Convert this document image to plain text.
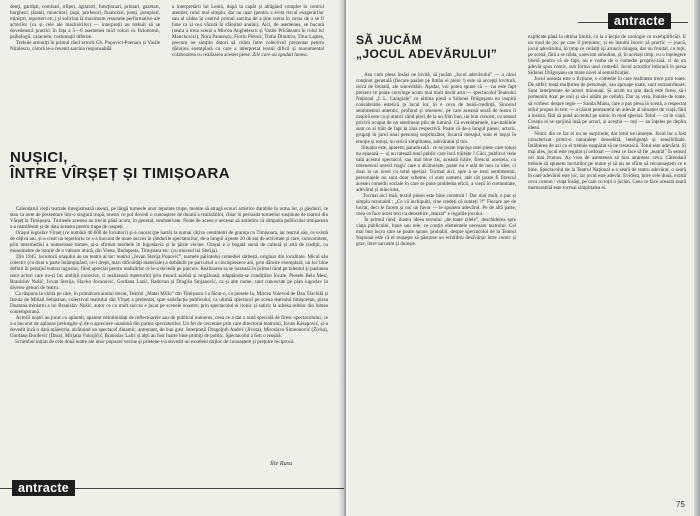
denți, gardiști, comisari, ofițeri, agitatori, funcționari, primari, gazetari, burghezi, țăranii, muncitori, popi, profesori, financiari, poeți, pompieri, miniștri, reporteri etc.) și solicitat la maximum resursele performative ale actorilor (ca și cele ale machiorilor) — interpreții au trebuit să se dovedească practici în fața a 5—6 asemenea mici roluri cu fizionomii, psihologii, caractere, costumații diferite.
Trebuie amintiți în primul rând actorii Gh. Popovici-Poenaru și Vasile Nițulescu, căroră le-a revenit sarcina responsabilă
a interpretării lui Lenin, după la capăt și atrăgând complet în centrul atenției, rolul mai simplu, dar nu ușor (pentru a evita riscul exagerărilor sau al cădea în centrul primul sarcina de a ține scena în cursa de a se fi bine ca și cea văzută în sfârșitul anului). Aici, de asemenea, se bucură (seara a treia scenă a Mircea Anghelescu și Vasile Pricăteanu în rolul lui Manchovici), Nora Paunescu, Florin Piersic, Toma Dimitriu, Titus Lapteș, precum ne simțim datori să cităm între colectivul prezentat pentru dăruirea exemplară cu care a interpretat textul dificil și monumental colaborarea cu realizarea acestei piese. Zile care au zguduit lumea.
NUȘICI,
ÎNTRE VÎRȘEȚ ȘI TIMIȘOARA
Calendarul vieții teatrale înregistrează uneori, pe lângă turneele unor reputate trupe, menite să atragă ecouri artistice durabile în urma lor, și găsduiri, ce stau ca note de prezentare într-o singură trupă, uneori ce pot dovedi o cunoaștere de durată a realizărilor, chiar în perioada turneelor susținute de teatrul din Vârșeț la Timișoara. Turneele acestea au trecut până acum, în general, neobservate. Poate de aceea e necesar să amintim că simpatia publicului timișorean s-a manifestat și de data aceasta pentru trupa de oaspeți.
Orașul iugoslav Vîrșeț (ce număra 40.000 de locuitori) și-a onorat (pe hartă) la numai câțiva centimetri de granița cu Timișoara, iar teatrul său, ce există de câțiva ani, și-a creat un repertoriu ce s-a bucurat de mare succes în rândurile spectatorilor, de-a lungul a peste 20 de ani de activitate și care, concomitent, prin intermediul a numeroase turnee, și-a afirmat meritele în Iugoslavia și în țările vecine. Orașul e o bogată sursă de cultură și artă de tradiții, cu monumente de istorie de o valoare unică, din Viena, Budapesta, Timișoara etc. (cu muzeul lui Sterija).
Din 1945, locuitorii orașului au un teatru al lor: teatrul „Jovan Sterija Popović”, numele părintelui comediei sârbești, originar din localitate. Micul său colectiv (cu doar o parte întâmpinând, ce-i drept, mari dificultăți materiale) a dobândit pe parcursul a cincisprezece ani, prin dăruire exemplară, un loc bine definit în peisajul teatral iugoslav, fiind apreciat pentru realizările ce le-a dovedit pe parcurs. Realizarea sa se bazează în primul rând pe talentul și pasiunea unor actori care nu-și fac ambiții excesive, ci realizează repertoriul prin muncă asiduă și migăloasă, adaptându-se condițiilor locale. Piesele Bela Mesi, Branislav Nušić, Jovan Sterija, Slavko Jovanović, Gordana Lazić, Radovan și Dragiša Stojanović, ca și alte nume, sunt cunoscute pe plan iugoslav în diverse genuri de teatru.
Ca răspuns la vizita pe care, în primăvara anului trecut, Teatrul „Matei Millo” din Timișoara i-a făcut-o, cu piesele Io, Mircea Voievod de Dan Tărchilă și Insula de Mihail Sebastian, colectivul teatrului din Vîrșeț a prezentat, spre satisfacția publicului, ca ultimă spectacol pe scena teatrului timișorean, piesa Doamna ministru a lui Branislav Nušić, autor ce cu mult succes e jucat pe scenele noastre; prin spectacolul ei ironic și satiric la adresa relelor din lumea contemporană.
Actorii noștri au jucat cu aplomb, aparent neintimidați de reflectoarele sau de publicul numeros, ceea ce a dat o notă specială de firesc spectacolului, ce s-a bucurat de aplauze prelungite și de o apreciere unanimă din partea spectatorilor. Un fel de cercetare prin care directorul teatrului, Iovan Kasapović, și-a dovedit încă o dată măiestria, alcătuind un spectacol dinamic, antrenant, de bun gust. Interpreții Dragoljub Andrić (Jivota), Miroslava Simeonović (Živka), Gordana Đurđević (Dara), Mirjana Vukojičić, Branislav Lalić și alții au fost foarte bine primiți de public. Spectacolul a fost o reușită.
Schimbul inițiat de cele două teatre ale unor popoare vecine și prietene s-a dovedit un excelent mijloc de cunoaștere și prețuire reciprocă.
Ilie Rusu
antracte
antracte
SĂ JUCĂM
„JOCUL ADEVĂRULUI”
Aus cum piesa însăși ne invită, să jucăm „Jocul adevărului” — a cărui conținut generală (fiecare pasăre pe limba ei piere !) este să accepți lovitură, orică de brutală, ale sinceritătii. Așadar, voi potea spune că — nu este fapt prezent ce poate convinge acum mai mult decât arta — spectacolul Teatrului Național „I. L. Caragiale” cu ultima piesă a Sidonei Drăgușanu nu inspiră consideratie estetică la locul lor. Și e ceva de bună-credință, Sincerul sentimentul autentic, profund și omenesc, pe care această seară de teatru îl inspiră este ca și atunci când pleci de la un film bun, un bun concert, cu sensul privirii ocupat de un sentiment plin de lumină. Că evenimentele, inevitabilele sunt ce ai trăit de fapt în ziua respectivă. Poate că de-a lungul piesei, actorii, grupați în jurul unui personaj surprinzător, încarcă mesajul, sunt ei înșiși în emoție și totuși, nu strică simplitatea, adevăratul și ton.
Situația este, aparent, paradoxală : ce se poate reproșa unei piese care totuși nu eșuează — și nu ratează unui public care încă trăiește ? Căci, publicul vede sala acestui spectacol, sau mai bine zis, această trăire, firescul acesteia, cu omenescul uneori tragic care o alcătuiește, poate nu e atât de nou ca idee, ci doar la un nivel cu totul special. Tocmai aici, spre a se trezi sentimentul, personajele nu sunt doar scheme, ci sunt oameni, atât cât poate fi firescul acestei comedii sociale în care se pune problema eticii, a vieții în comunitate, adevărul și minciuna,
Tocmai aici însă, textul piesei este bine construit ! Dar mai mult, e pur și simplu rezonabil : „Ce vă închipuiți, cine credeți că sunteți ?!” Fiecare are de lucrat, deci le facem și noi un favor — le spunem adevărul. Pe de altă parte, ceea ce face acest text cu deosebire „teatral” e regulile jocului.
În primul rând, ilustra ideea textului „de toate zilele”, deschiderea spre viața publicului, bune sau rele, ce conțin elementele necesare teatrului. Cel mai bun lucru care se poate spune, probabil, despre spectacolul de la Teatrul Național este că el reușește să păstreze un echilibru desăvârșit între comic și grav, între sarcasm și duioșie.
explicate până la ultima limită, ca la o lecție de zoologie cu exemplificări. E un mod de joc pe care îl prețuiesc, și eu însumi încerc să practic — joacă, jocul adevărului, în timp ce ceilalți își aruncă mingea, dar nu frontal, cu toții, pe scenă, fără a se trăda, oarecum simultan, și, în același timp, cu o înțelegere liberă pentru că de fapt, nu e vorba de o comedie propriu-zisă, ci de un adevăr spus comic, sub forma unei comedii. Jocul actorilor îmbracă în piesa Sidonei Drăgușanu un mare nivel al semnificației.
Jocul aceasta este o ficțiune, o comedie în care realitatea trece prin toate. De altfel, toată mulțimea de personaje, sau aproape toate, sunt extraordinare. Sunt interpretate de actori minunați. Și acum nu știu dacă este firesc să-i pomenim doar pe unii și să-i uităm pe ceilalți. Dar aș vrea, înainte de toate, să vorbesc despre regie — Sanda Manu, care a pus piesa în scenă, a respectat stilul propus în text — a căutat permanent un adevăr al situației de viață, fără a insista, fără să pună accentul pe nimic în mod special. Totul — ca în viață. Creația ei se sprijină însă pe actori, și aceștia — toți — au înțeles pe deplin ideea.
Nimic din ce fac ei nu ne surprinde, dar totul ne uimește. Jocul lor a fost caracterizat printr-o naturalețe deosebită, inteligență și sensibilitate. Întâlnirea de azi cu ei trebuie neapărat să ne trezească. Totul este adevărat. Și mai ales, jocul este regulat și ordonat — ceea ce face să fie „teatral” în sensul cel mai frumos. Aș vrea de asemenea să mai amintesc ceva. Câteodată trebuie să spunem lucrurilor pe nume și să nu ne sfiim să recunoaștem ce e bine. Spectacolul de la Teatrul Național e o seară de teatru adevărat, o seară în care adevărul este joc, iar jocul este adevăr. Evident, între cele două, există ceva comun : viața însăși, pe care cu toții o jucăm. Ceea ce face această seară memorabilă este tocmai simplitatea ei.
75
